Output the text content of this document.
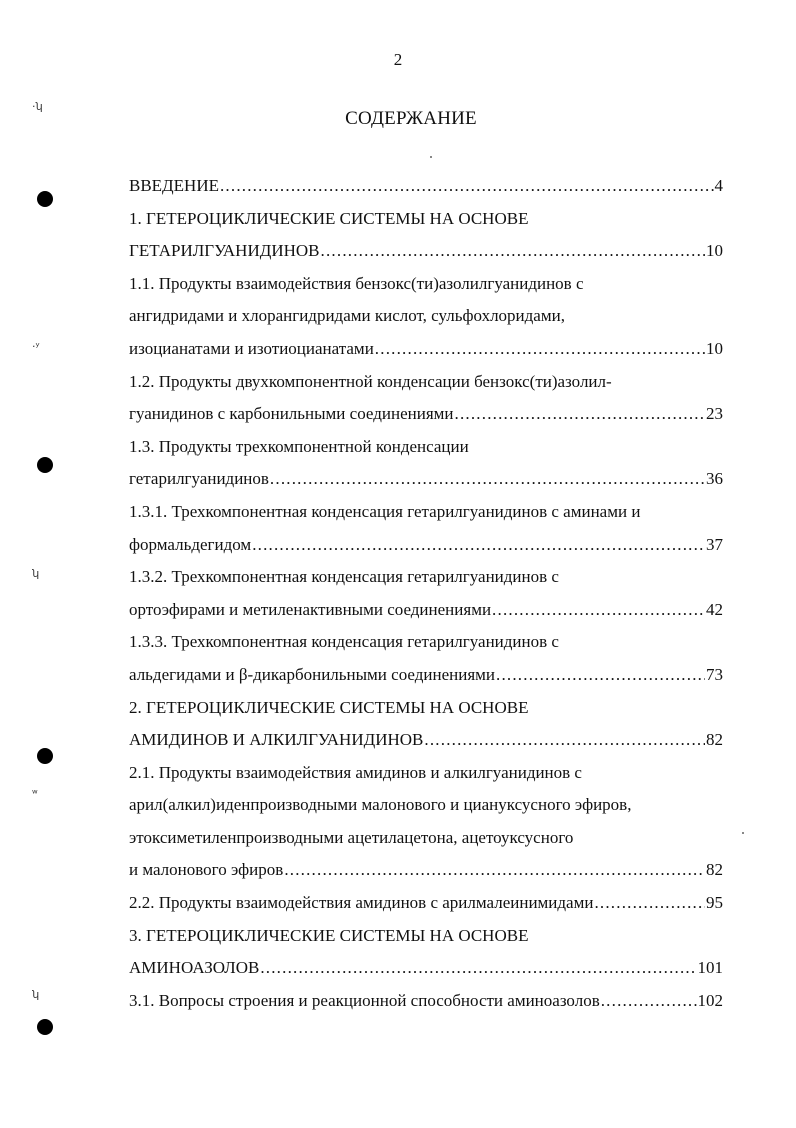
2
СОДЕРЖАНИЕ
ВВЕДЕНИЕ .....	4
1. ГЕТЕРОЦИКЛИЧЕСКИЕ СИСТЕМЫ НА ОСНОВЕ
ГЕТАРИЛГУАНИДИНОВ .....	10
1.1. Продукты взаимодействия бензокс(ти)азолилгуанидинов с
ангидридами и хлорангидридами кислот, сульфохлоридами,
изоцианатами и изотиоцианатами .....	10
1.2. Продукты двухкомпонентной конденсации бензокс(ти)азолил-
гуанидинов с карбонильными соединениями .....	23
1.3. Продукты трехкомпонентной конденсации
гетарилгуанидинов .....	36
1.3.1. Трехкомпонентная конденсация гетарилгуанидинов с аминами и
формальдегидом .....	37
1.3.2. Трехкомпонентная конденсация гетарилгуанидинов с
ортоэфирами и метиленактивными соединениями .....	42
1.3.3. Трехкомпонентная конденсация гетарилгуанидинов с
альдегидами и β-дикарбонильными соединениями .....	73
2. ГЕТЕРОЦИКЛИЧЕСКИЕ СИСТЕМЫ НА ОСНОВЕ
АМИДИНОВ И АЛКИЛГУАНИДИНОВ .....	82
2.1. Продукты взаимодействия амидинов и алкилгуанидинов с
арил(алкил)иденпроизводными малонового и циануксусного эфиров,
этоксиметиленпроизводными ацетилацетона, ацетоуксусного
и малонового эфиров .....	82
2.2. Продукты взаимодействия амидинов с арилмалеинимидами .....	95
3. ГЕТЕРОЦИКЛИЧЕСКИЕ СИСТЕМЫ НА ОСНОВЕ
АМИНОАЗОЛОВ .....	101
3.1. Вопросы строения и реакционной способности аминоазолов .....	102
·ʮ
·ʸ
ʮ
ʷ
ʮ
